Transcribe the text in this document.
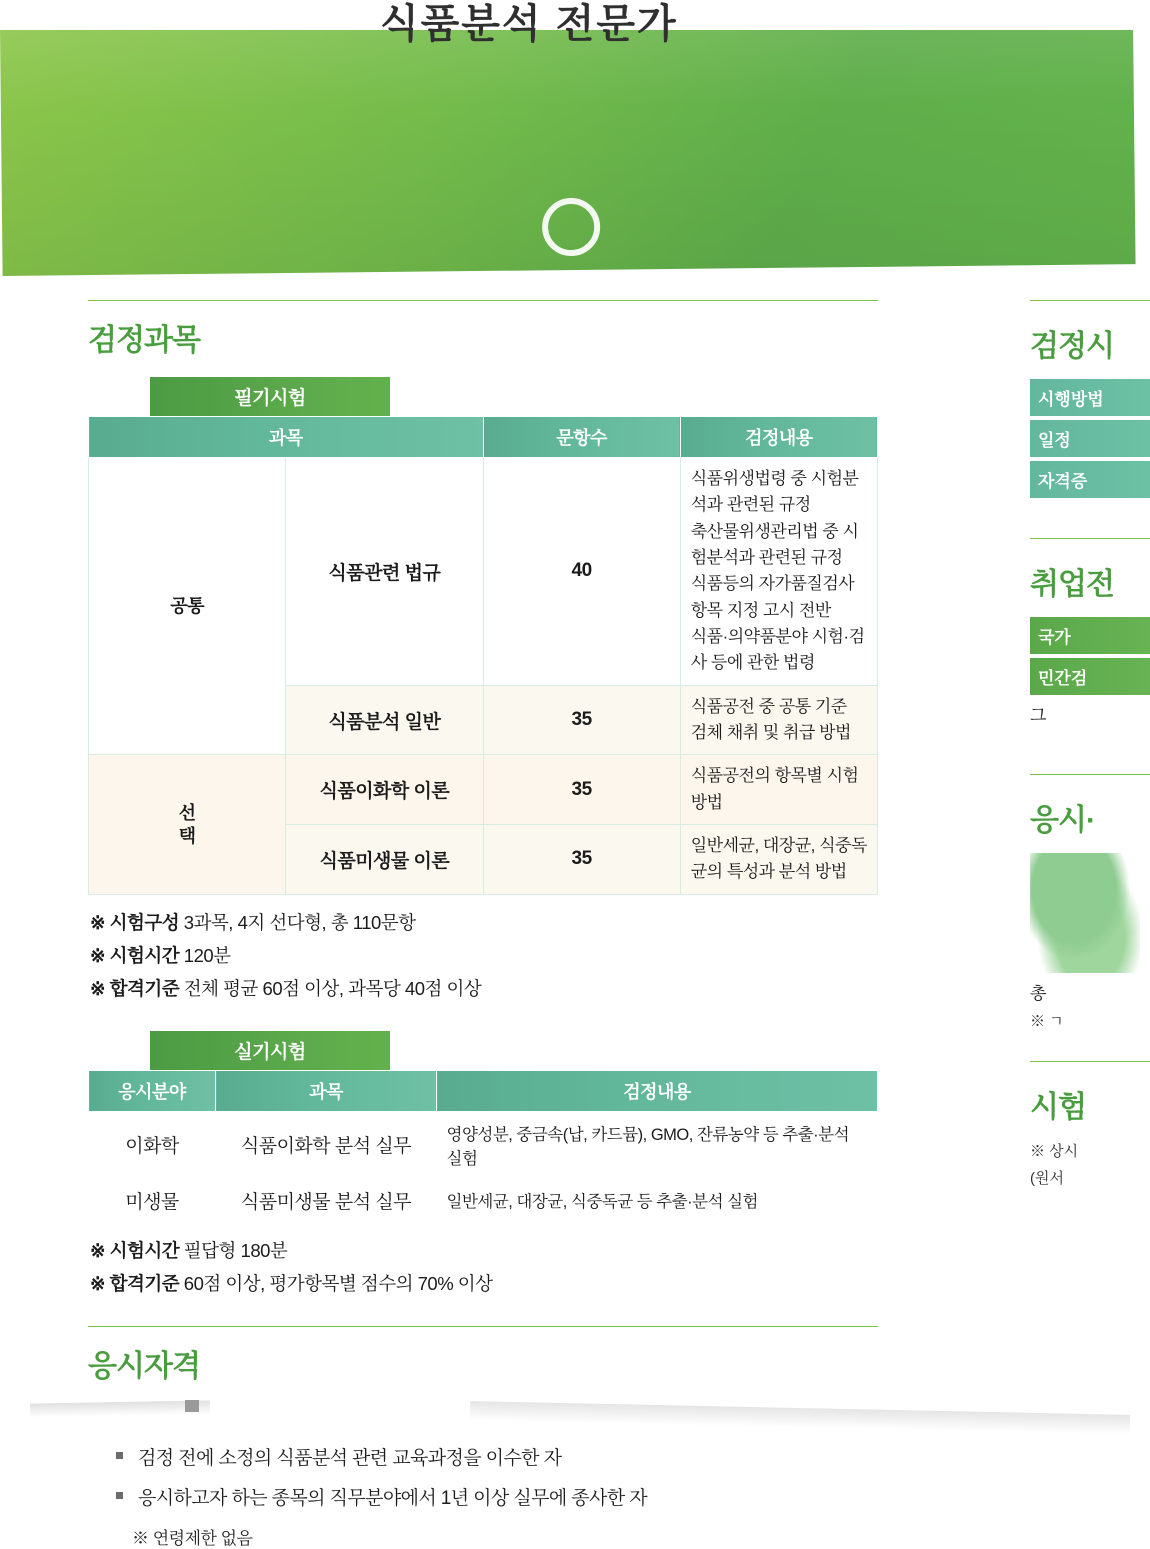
검정과목
필기시험
과목		문항수	검정내용
공통	식품관련 법규	40	식품위생법령 중 시험분석과 관련된 규정
축산물위생관리법 중 시험분석과 관련된 규정
식품등의 자가품질검사 항목 지정 고시 전반
식품·의약품분야 시험·검사 등에 관한 법령

	식품분석 일반	35	식품공전 중 공통 기준
검체 채취 및 취급 방법

선
택	식품이화학 이론	35	식품공전의 항목별 시험 방법
	식품미생물 이론	35	일반세균, 대장균, 식중독균의 특성과 분석 방법
※ 시험구성 3과목, 4지 선다형, 총 110문항
※ 시험시간 120분
※ 합격기준 전체 평균 60점 이상, 과목당 40점 이상
실기시험
응시분야	과목	검정내용
이화학	식품이화학 분석 실무	영양성분, 중금속(납, 카드뮴), GMO, 잔류농약 등 추출·분석 실험
미생물	식품미생물 분석 실무	일반세균, 대장균, 식중독균 등 추출·분석 실험
※ 시험시간 필답형 180분
※ 합격기준 60점 이상, 평가항목별 점수의 70% 이상
응시자격
검정 전에 소정의 식품분석 관련 교육과정을 이수한 자
응시하고자 하는 종목의 직무분야에서 1년 이상 실무에 종사한 자
※ 연령제한 없음
검정시
시행방법
일정
자격증
취업전
국가
민간검
그
응시·
총
※ ㄱ
시험
※ 상시
(원서
